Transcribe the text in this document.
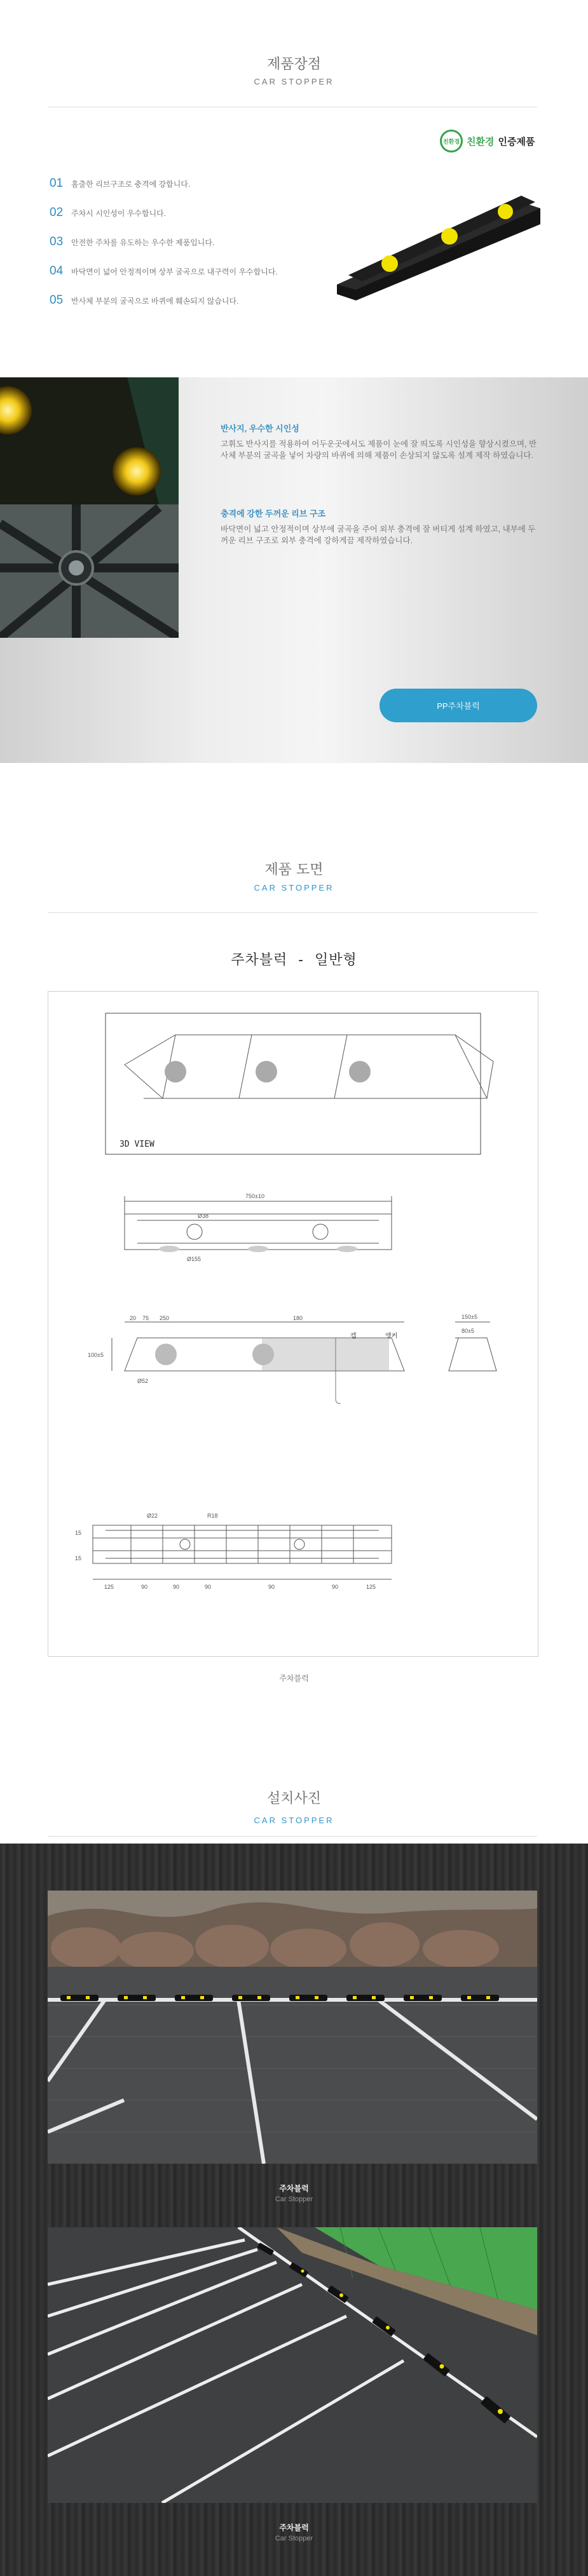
제품장점
CAR STOPPER
친환경 친환경 인증제품
01	홈출한 리브구조로 충격에 강합니다.
02	주차시 시인성이 우수합니다.
03	안전한 주차를 유도하는 우수한 제품입니다.
04	바닥면이 넓어 안정적이며 상부 굴곡으로 내구력이 우수합니다.
05	반사체 부분의 굴곡으로 바퀴에 훼손되지 않습니다.
반사지, 우수한 시인성
고휘도 반사지를 적용하여 어두운곳에서도 제품이 눈에 잘 띄도록 시인성을 향상시켰으며, 반사체 부분의 굴곡을 넣어 차량의 바퀴에 의해 제품이 손상되지 않도록 설계 제작 하였습니다.
충격에 강한 두꺼운 리브 구조
바닥면이 넓고 안정적이며 상부에 굴곡을 주어 외부 충격에 잘 버티게 설계 하였고, 내부에 두꺼운 리브 구조로 외부 충격에 강하게끔 제작하였습니다.
PP주차블럭
제품 도면
CAR STOPPER
주차블럭 - 일반형
3D VIEW
750±10
Ø38
Ø155
250	180
20 75
100±5
Ø52
캡	앵커
150±5
80±5
Ø22	R18
15
15
125	90	90	90	90	90	125
주차블럭
설치사진
CAR STOPPER
주차블럭
Car Stopper
주차블럭
Car Stopper
